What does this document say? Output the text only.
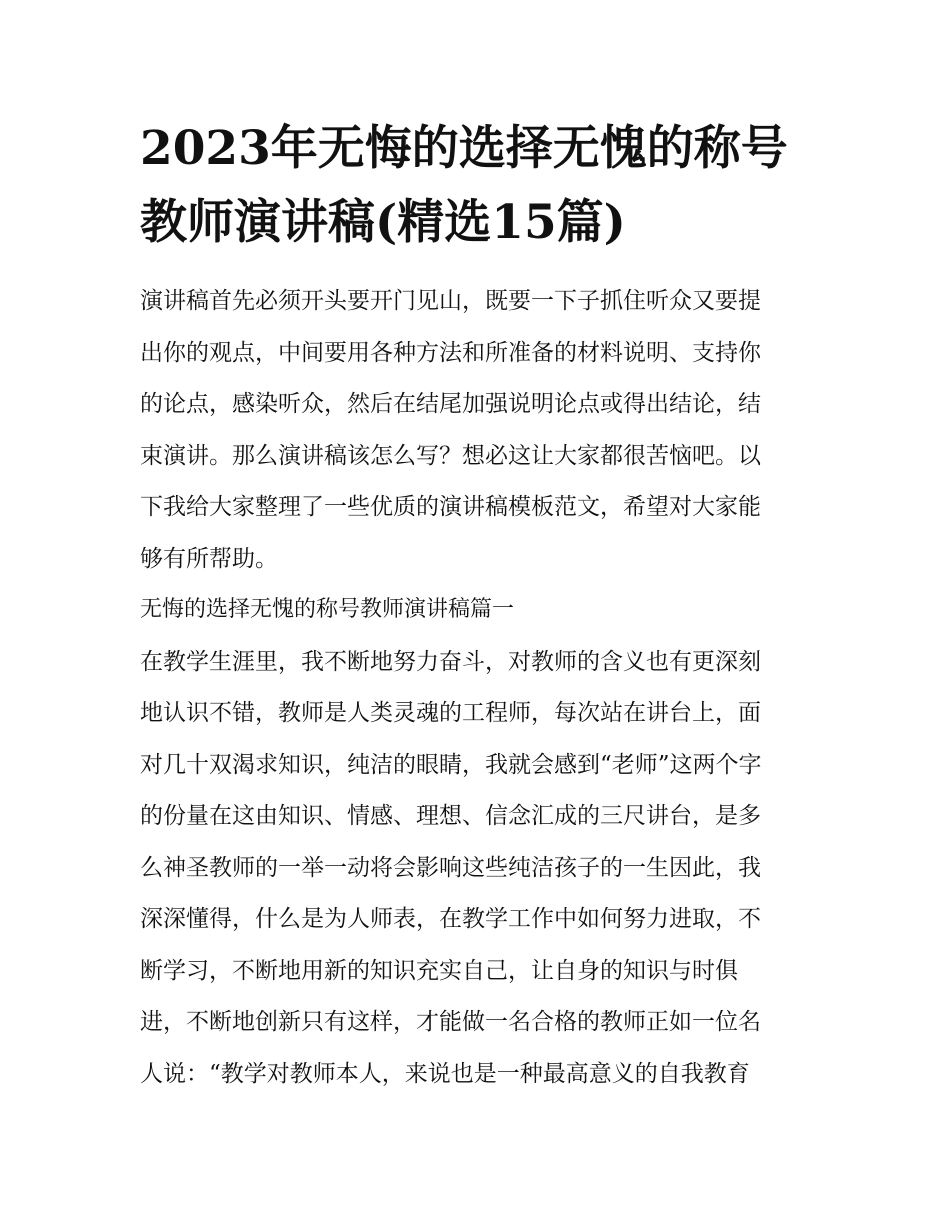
2023年无悔的选择无愧的称号
教师演讲稿(精选15篇)
演讲稿首先必须开头要开门见山，既要一下子抓住听众又要提
出你的观点，中间要用各种方法和所准备的材料说明、支持你
的论点，感染听众，然后在结尾加强说明论点或得出结论，结
束演讲。那么演讲稿该怎么写？想必这让大家都很苦恼吧。以
下我给大家整理了一些优质的演讲稿模板范文，希望对大家能
够有所帮助。
无悔的选择无愧的称号教师演讲稿篇一
在教学生涯里，我不断地努力奋斗，对教师的含义也有更深刻
地认识不错，教师是人类灵魂的工程师，每次站在讲台上，面
对几十双渴求知识，纯洁的眼睛，我就会感到“老师”这两个字
的份量在这由知识、情感、理想、信念汇成的三尺讲台，是多
么神圣教师的一举一动将会影响这些纯洁孩子的一生因此，我
深深懂得，什么是为人师表，在教学工作中如何努力进取，不
断学习，不断地用新的知识充实自己，让自身的知识与时俱
进，不断地创新只有这样，才能做一名合格的教师正如一位名
人说：“教学对教师本人，来说也是一种最高意义的自我教育
